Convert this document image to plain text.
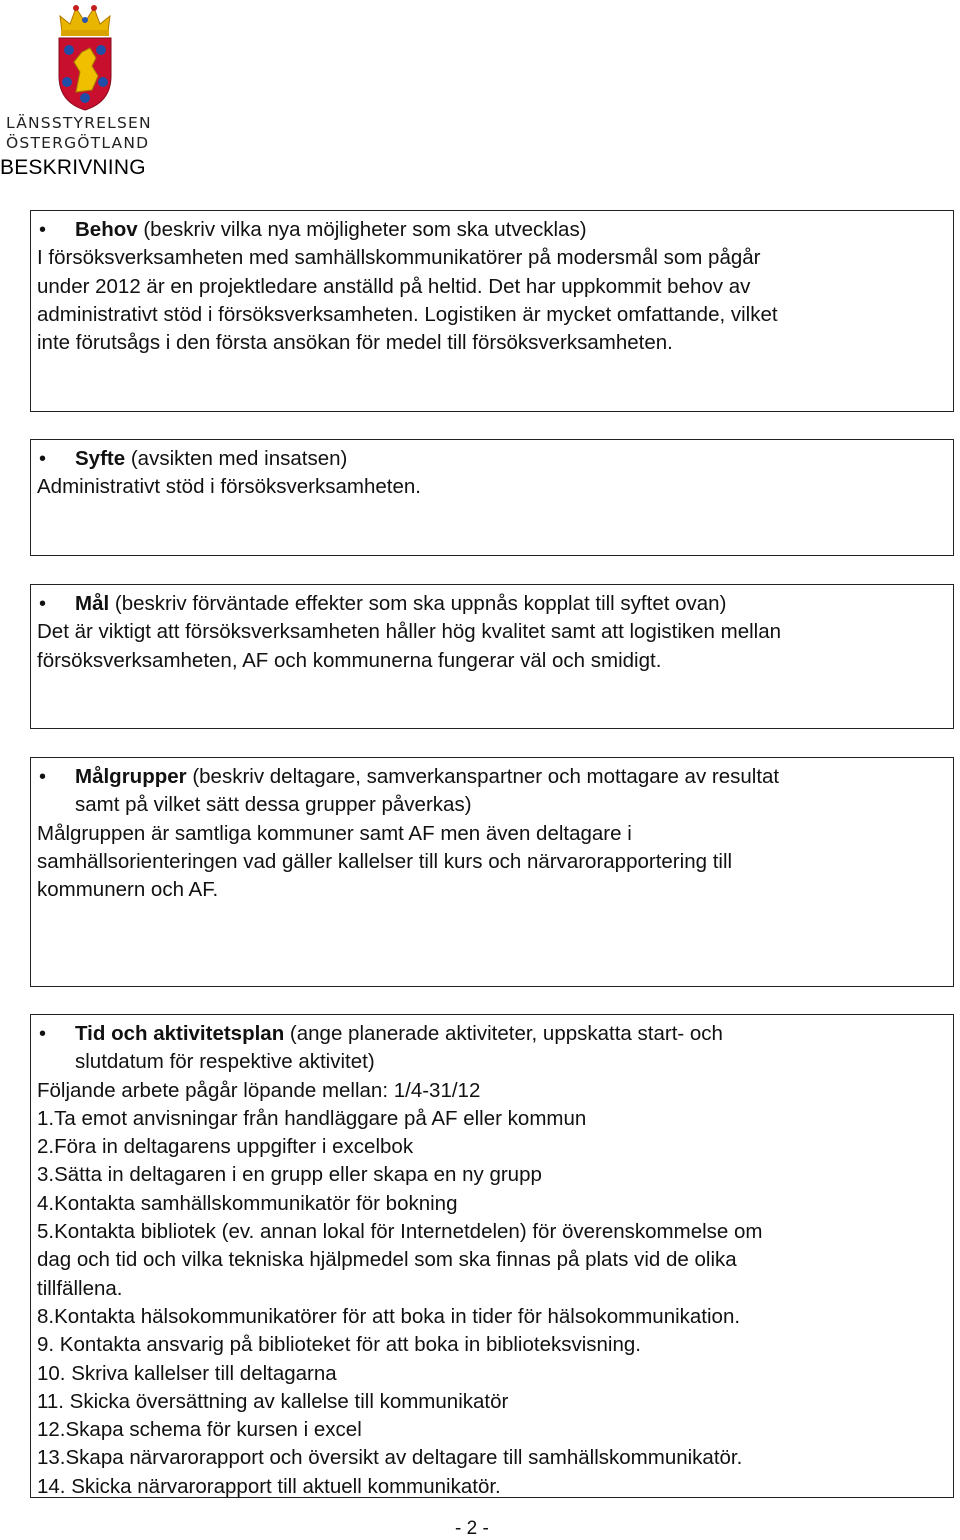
LÄNSSTYRELSEN
ÖSTERGÖTLAND
BESKRIVNING
• Behov (beskriv vilka nya möjligheter som ska utvecklas)
I försöksverksamheten med samhällskommunikatörer på modersmål som pågår
under 2012 är en projektledare anställd på heltid. Det har uppkommit behov av
administrativt stöd i försöksverksamheten. Logistiken är mycket omfattande, vilket
inte förutsågs i den första ansökan för medel till försöksverksamheten.
• Syfte (avsikten med insatsen)
Administrativt stöd i försöksverksamheten.
• Mål (beskriv förväntade effekter som ska uppnås kopplat till syftet ovan)
Det är viktigt att försöksverksamheten håller hög kvalitet samt att logistiken mellan
försöksverksamheten, AF och kommunerna fungerar väl och smidigt.
• Målgrupper (beskriv deltagare, samverkanspartner och mottagare av resultat
samt på vilket sätt dessa grupper påverkas)
Målgruppen är samtliga kommuner samt AF men även deltagare i
samhällsorienteringen vad gäller kallelser till kurs och närvarorapportering till
kommunern och AF.
• Tid och aktivitetsplan (ange planerade aktiviteter, uppskatta start- och
slutdatum för respektive aktivitet)
Följande arbete pågår löpande mellan: 1/4-31/12
1.Ta emot anvisningar från handläggare på AF eller kommun
2.Föra in deltagarens uppgifter i excelbok
3.Sätta in deltagaren i en grupp eller skapa en ny grupp
4.Kontakta samhällskommunikatör för bokning
5.Kontakta bibliotek (ev. annan lokal för Internetdelen) för överenskommelse om
dag och tid och vilka tekniska hjälpmedel som ska finnas på plats vid de olika
tillfällena.
8.Kontakta hälsokommunikatörer för att boka in tider för hälsokommunikation.
9. Kontakta ansvarig på biblioteket för att boka in biblioteksvisning.
10. Skriva kallelser till deltagarna
11. Skicka översättning av kallelse till kommunikatör
12.Skapa schema för kursen i excel
13.Skapa närvarorapport och översikt av deltagare till samhällskommunikatör.
14. Skicka närvarorapport till aktuell kommunikatör.
- 2 -
